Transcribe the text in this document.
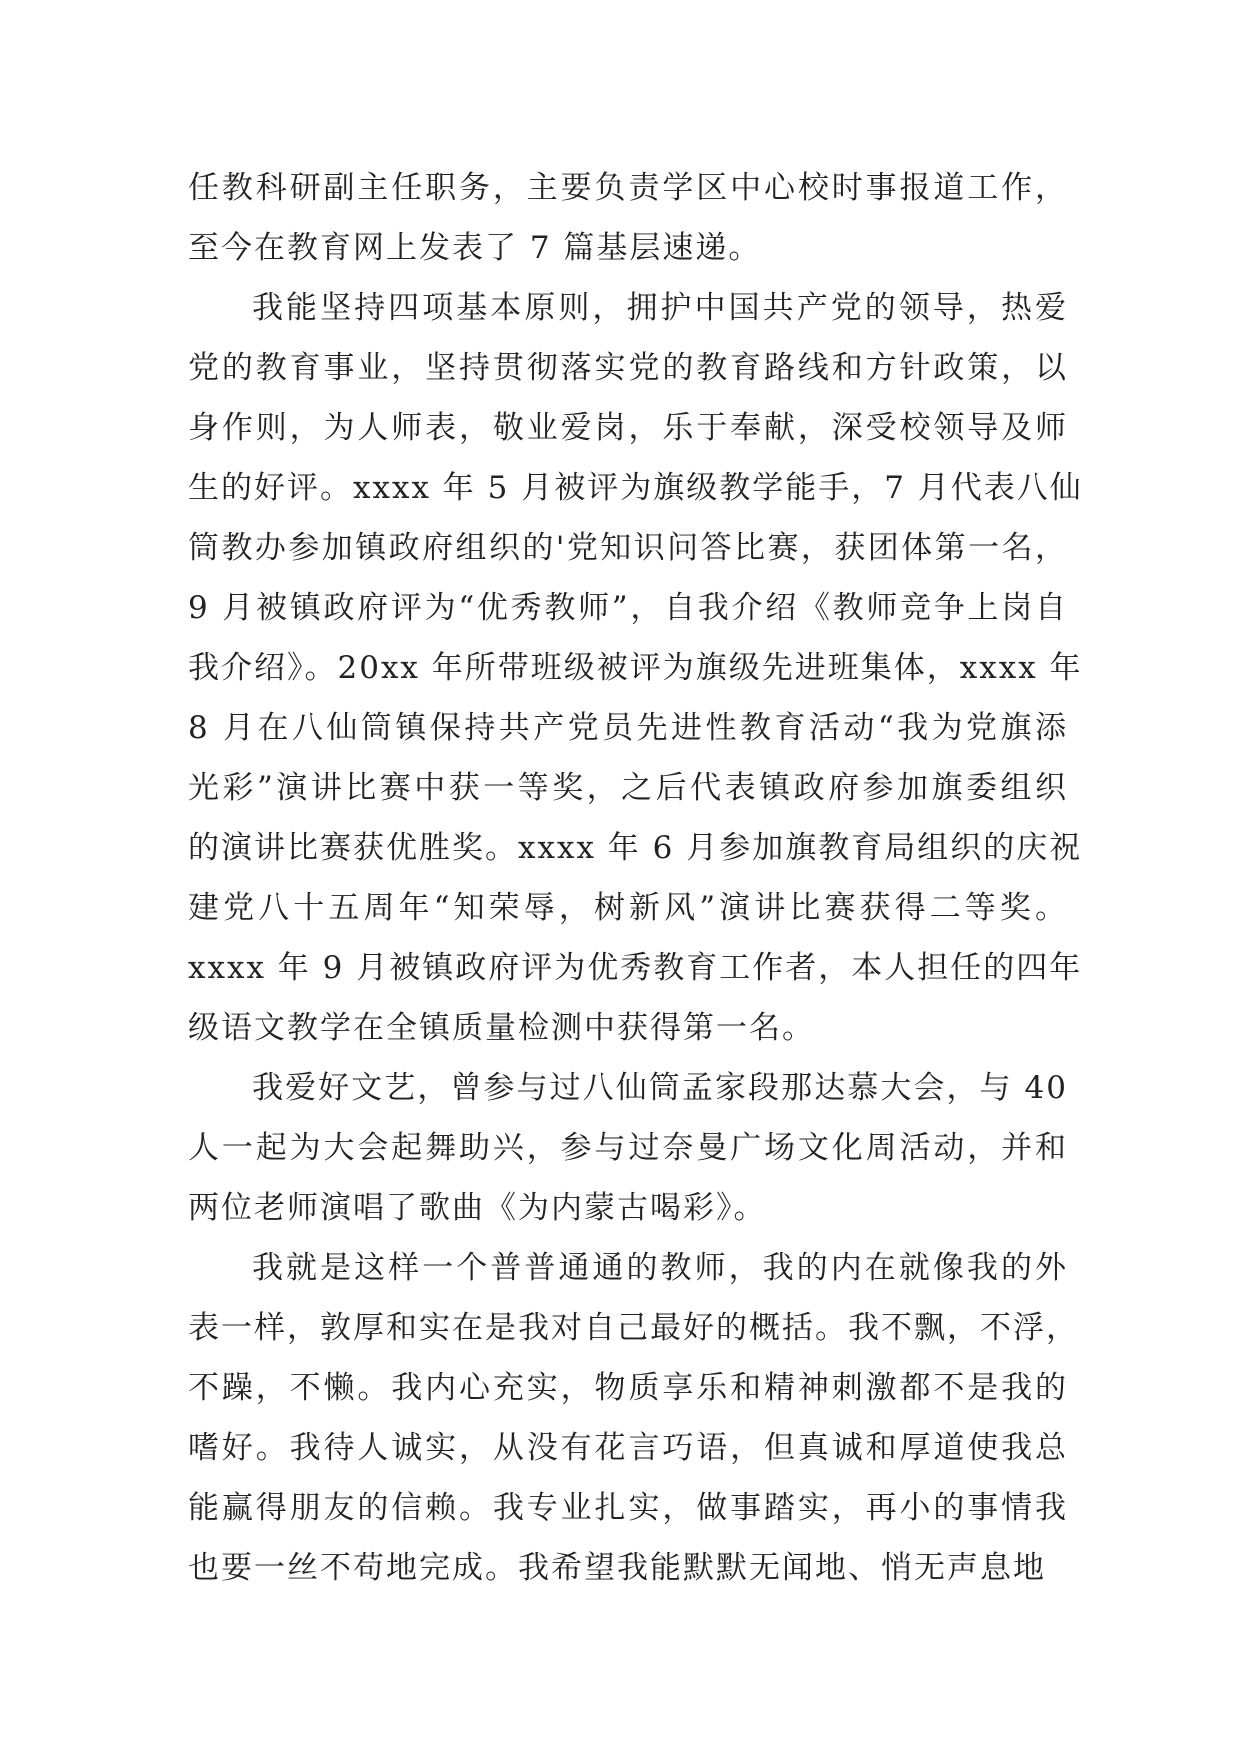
任教科研副主任职务，主要负责学区中心校时事报道工作，
至今在教育网上发表了 7 篇基层速递。
我能坚持四项基本原则，拥护中国共产党的领导，热爱
党的教育事业，坚持贯彻落实党的教育路线和方针政策，以
身作则，为人师表，敬业爱岗，乐于奉献，深受校领导及师
生的好评。xxxx 年 5 月被评为旗级教学能手，7 月代表八仙
筒教办参加镇政府组织的'党知识问答比赛，获团体第一名，
9 月被镇政府评为“优秀教师”，自我介绍《教师竞争上岗自
我介绍》。20xx 年所带班级被评为旗级先进班集体，xxxx 年
8 月在八仙筒镇保持共产党员先进性教育活动“我为党旗添
光彩”演讲比赛中获一等奖，之后代表镇政府参加旗委组织
的演讲比赛获优胜奖。xxxx 年 6 月参加旗教育局组织的庆祝
建党八十五周年“知荣辱，树新风”演讲比赛获得二等奖。
xxxx 年 9 月被镇政府评为优秀教育工作者，本人担任的四年
级语文教学在全镇质量检测中获得第一名。
我爱好文艺，曾参与过八仙筒孟家段那达慕大会，与 40
人一起为大会起舞助兴，参与过奈曼广场文化周活动，并和
两位老师演唱了歌曲《为内蒙古喝彩》。
我就是这样一个普普通通的教师，我的内在就像我的外
表一样，敦厚和实在是我对自己最好的概括。我不飘，不浮，
不躁，不懒。我内心充实，物质享乐和精神刺激都不是我的
嗜好。我待人诚实，从没有花言巧语，但真诚和厚道使我总
能赢得朋友的信赖。我专业扎实，做事踏实，再小的事情我
也要一丝不苟地完成。我希望我能默默无闻地、悄无声息地
